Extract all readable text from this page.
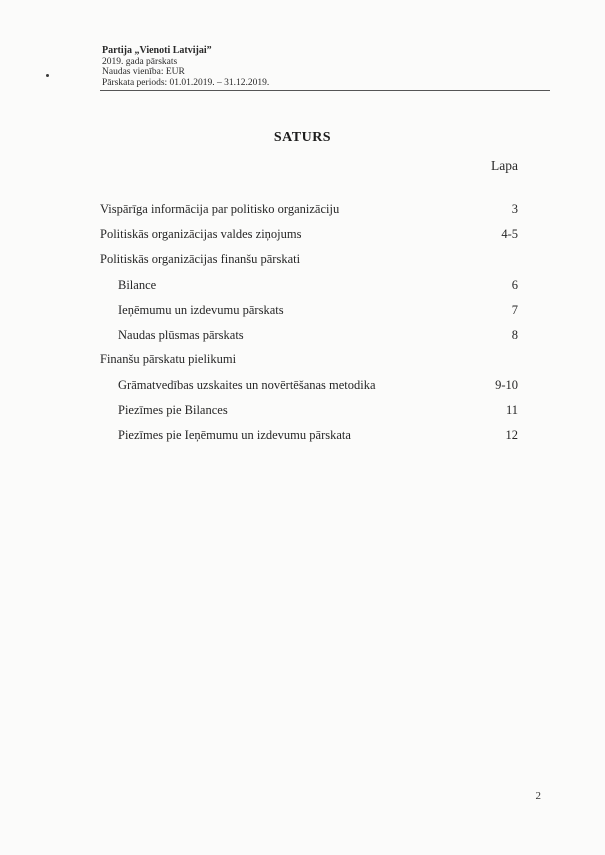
Partija „Vienoti Latvijai”
2019. gada pārskats
Naudas vienība: EUR
Pārskata periods: 01.01.2019. – 31.12.2019.
SATURS
Lapa
Vispārīga informācija par politisko organizāciju	3
Politiskās organizācijas valdes ziņojums	4-5
Politiskās organizācijas finanšu pārskati
Bilance	6
Ieņēmumu un izdevumu pārskats	7
Naudas plūsmas pārskats	8
Finanšu pārskatu pielikumi
Grāmatvedības uzskaites un novērtēšanas metodika	9-10
Piezīmes pie Bilances	11
Piezīmes pie Ieņēmumu un izdevumu pārskata	12
2
